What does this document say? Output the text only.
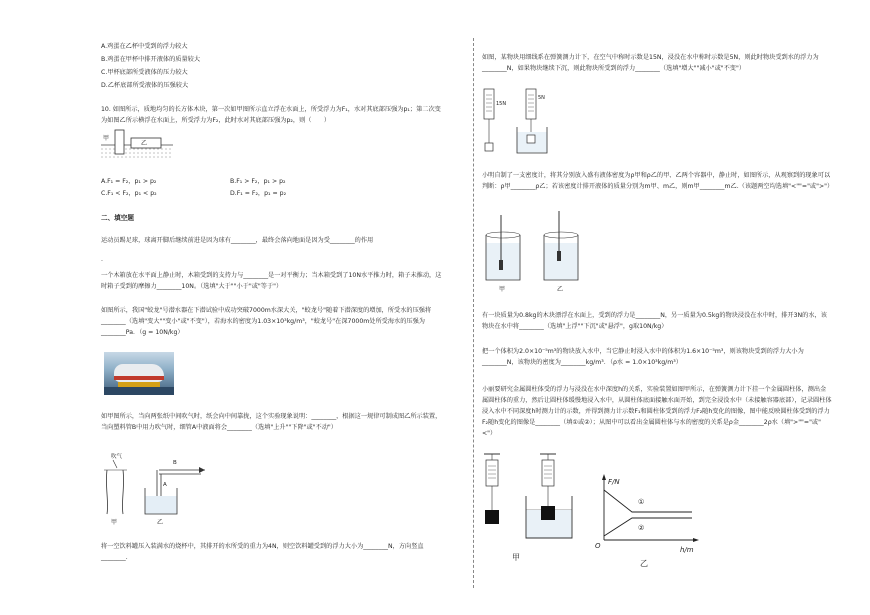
A.鸡蛋在乙杯中受到的浮力较大
B.鸡蛋在甲杯中排开液体的质量较大
C.甲杯底部所受液体的压力较大
D.乙杯底部所受液体的压强较大
10. 如图所示，质地均匀的长方体木块，第一次如甲图所示直立浮在水面上，所受浮力为F₁，水对其底部压强为p₁；第二次变为如图乙所示横浮在水面上，所受浮力为F₂，此时水对其底部压强为p₂，则（　　）
甲
乙
A.F₁ = F₂，p₁ > p₂	B.F₁ > F₂，p₁ > p₂
C.F₁ < F₂，p₁ < p₂	D.F₁ = F₂，p₁ = p₂
二、填空题
运动员踢足球，球离开脚后继续前进是因为球有________，最终会落向地面是因为受________的作用
.
一个木箱放在水平面上静止时，木箱受到的支持力与________是一对平衡力；当木箱受到了10N水平推力时，箱子未推动，这时箱子受到的摩擦力________10N。（选填"大于""小于"或"等于"）
如图所示，我国"蛟龙"号潜水器在下潜试验中成功突破7000m水深大关，"蛟龙号"随着下潜深度的增加，所受水的压强将________（选填"变大""变小"或"不变"），若海水的密度为1.03×10³kg/m³，"蛟龙号"在深7000m处所受海水的压强为________Pa．（g = 10N/kg）
如甲图所示，当向两张纸中间吹气时，纸会向中间靠拢，这个实验现象说明：________，根据这一规律可制成图乙所示装置，当向塑料管B中用力吹气时，细管A中液面将会________（选填"上升""下降"或"不动"）
吹气
甲
B
A
乙
将一空饮料罐压入装满水的烧杯中，其排开的水所受的重力为4N，则空饮料罐受到的浮力大小为________N，方向竖直________.
如图，某物块用细线系在弹簧测力计下，在空气中称时示数是15N，浸没在水中称时示数是5N，则此时物块受到水的浮力为________N，如果物块继续下沉，则此物块所受到的浮力________（选填"增大""减小"或"不变"）
15N
5N
小明自制了一支密度计，将其分别放入盛有液体密度为ρ甲和ρ乙的甲、乙两个容器中，静止时，如图所示，从观察到的现象可以判断：ρ甲________ρ乙；若该密度计排开液体的质量分别为m甲、m乙，则m甲________m乙.（该题两空均选填"<""="或">"）
甲	乙
有一块质量为0.8kg的木块漂浮在水面上，受到的浮力是________N，另一质量为0.5kg的物块浸没在水中时，排开3N的水，该物块在水中将________（选填"上浮""下沉"或"悬浮"，g取10N/kg）
把一个体积为2.0×10⁻⁵m³的物块放入水中，当它静止时浸入水中的体积为1.6×10⁻⁵m³，则该物块受到的浮力大小为________N，该物块的密度为________kg/m³．（ρ水 = 1.0×10³kg/m³）
小丽要研究金属圆柱体受的浮力与浸没在水中深度h的关系，实验装置如图甲所示，在弹簧测力计下挂一个金属圆柱体，测出金属圆柱体的重力，然后让圆柱体缓慢地浸入水中，从圆柱体底面接触水面开始，到完全浸没水中（未接触容器底部），记录圆柱体浸入水中不同深度h时测力计的示数，并得到测力计示数F₁和圆柱体受到的浮力F₂随h变化的图像，图中能反映圆柱体受到的浮力F₂随h变化的图像是________（填①或②）；从图中可以看出金属圆柱体与水的密度的关系是ρ金________2ρ水（填">""="或"<"）
甲
F/N
h/m
O
①
②
乙
